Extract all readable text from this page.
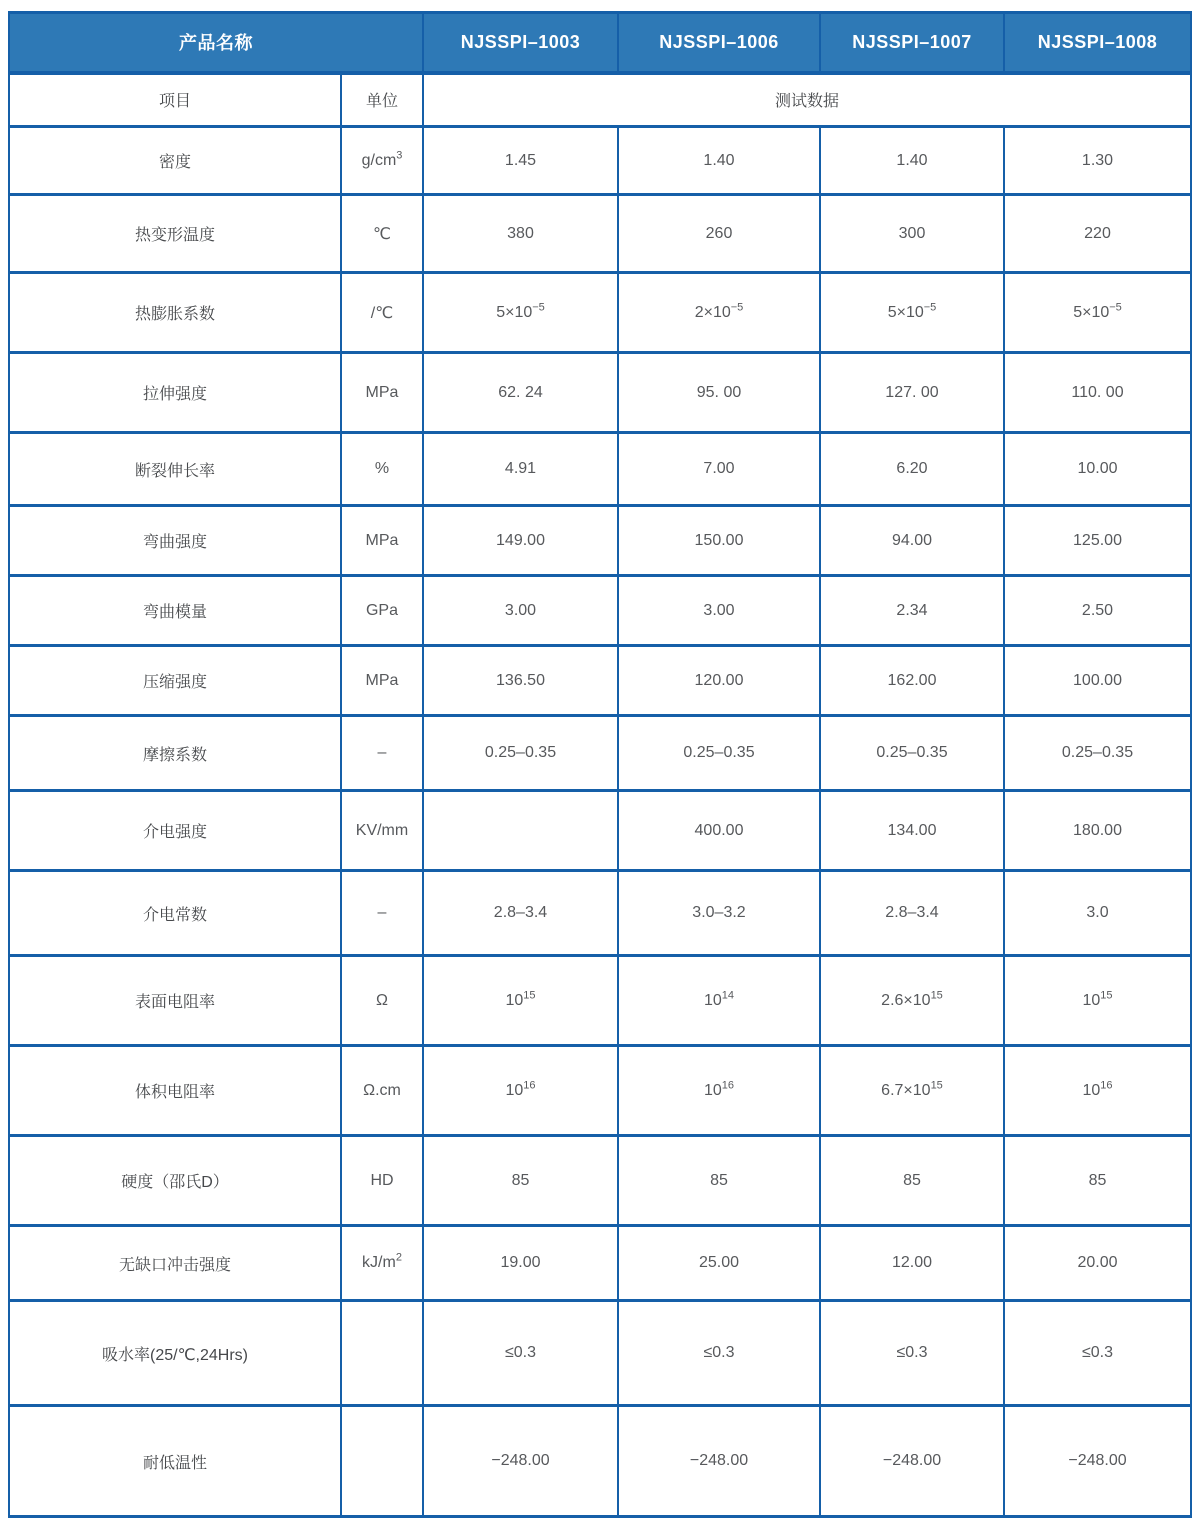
产品名称		NJSSPI–1003	NJSSPI–1006	NJSSPI–1007	NJSSPI–1008
项目	单位	测试数据			
密度	$g/cm^3$	1.45	1.40	1.40	1.30
热变形温度	℃	380	260	300	220
热膨胀系数	/℃	$5\times 10^{-5}$	$2\times 10^{-5}$	$5\times 10^{-5}$	$5\times 10^{-5}$
拉伸强度	MPa	62. 24	95. 00	127. 00	110. 00
断裂伸长率	%	4.91	7.00	6.20	10.00
弯曲强度	MPa	149.00	150.00	94.00	125.00
弯曲模量	GPa	3.00	3.00	2.34	2.50
压缩强度	MPa	136.50	120.00	162.00	100.00
摩擦系数	–	0.25–0.35	0.25–0.35	0.25–0.35	0.25–0.35
介电强度	KV/mm		400.00	134.00	180.00
介电常数	–	2.8–3.4	3.0–3.2	2.8–3.4	3.0
表面电阻率	Ω	$10^{15}$	$10^{14}$	$2.6\times 10^{15}$	$10^{15}$
体积电阻率	Ω.cm	$10^{16}$	$10^{16}$	$6.7\times 10^{15}$	$10^{16}$
硬度（邵氏D）	HD	85	85	85	85
无缺口冲击强度	$kJ/m^2$	19.00	25.00	12.00	20.00
吸水率(25/℃,24Hrs)		≤0.3	≤0.3	≤0.3	≤0.3
耐低温性		−248.00	−248.00	−248.00	−248.00
